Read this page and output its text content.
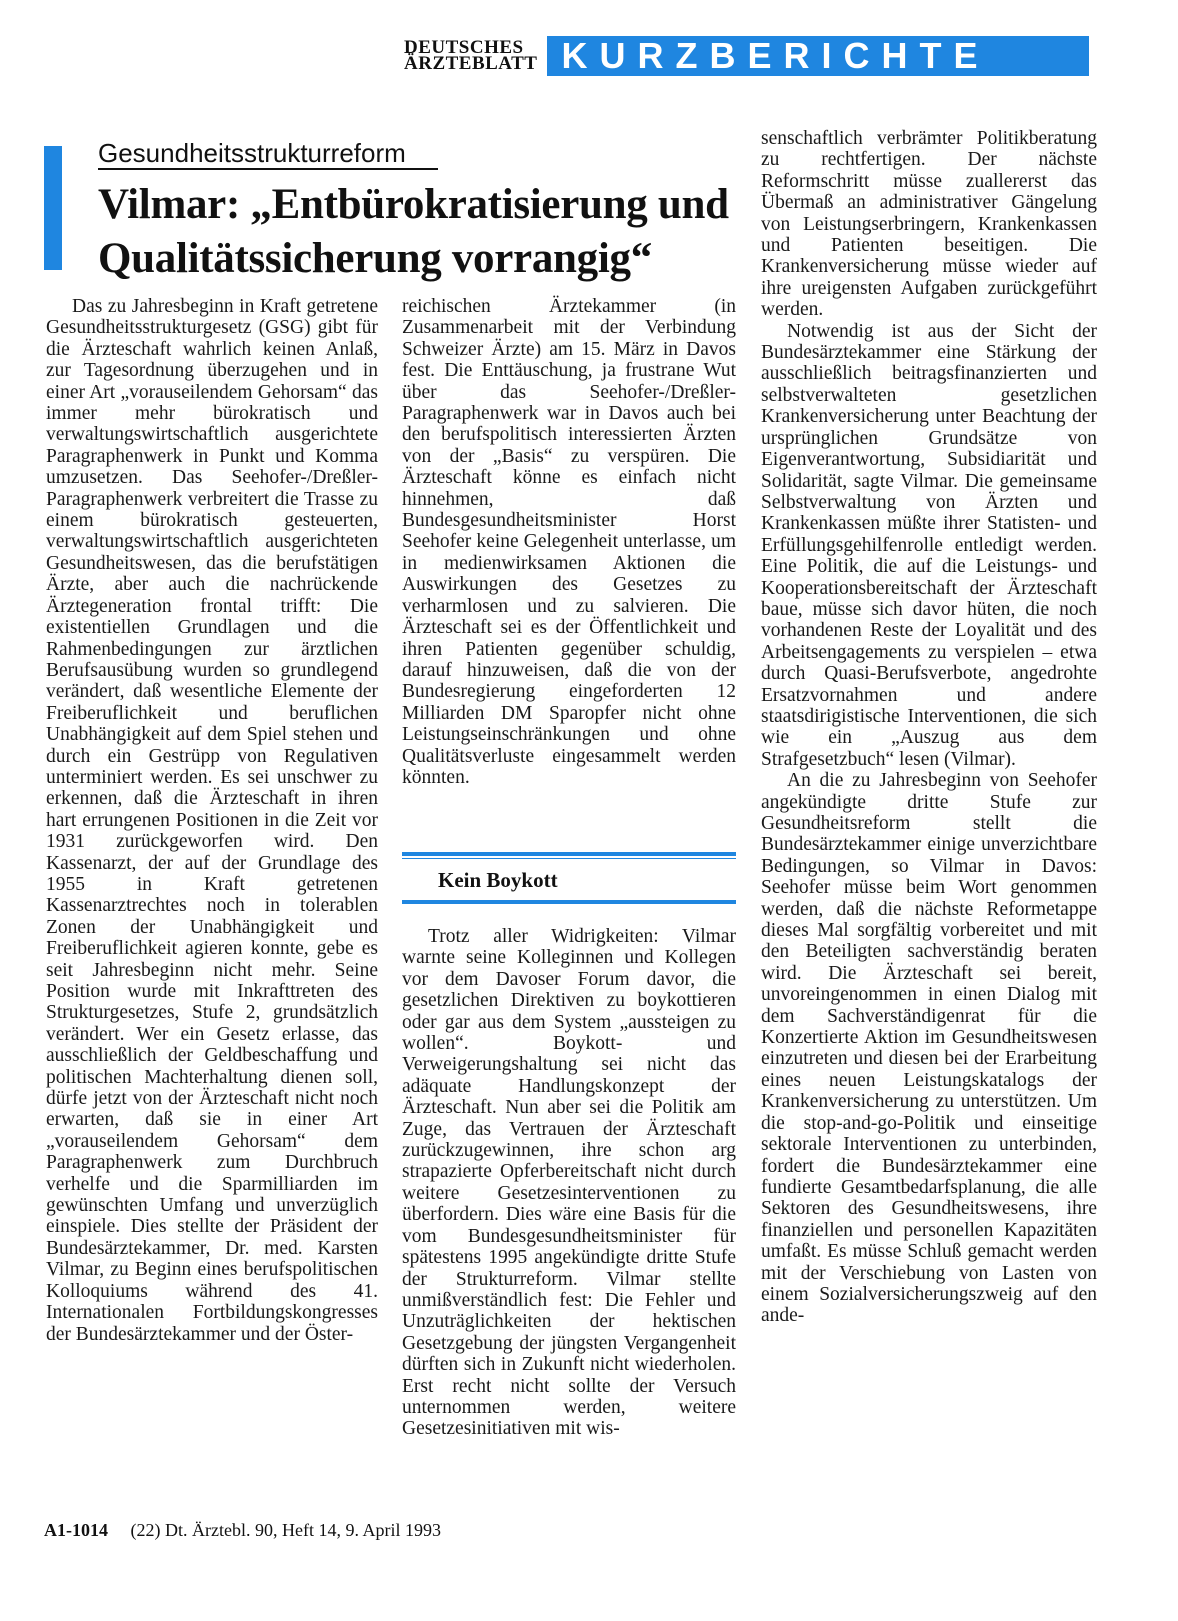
DEUTSCHES
ÄRZTEBLATT KURZBERICHTE
Gesundheitsstrukturreform
Vilmar: „Entbürokratisierung und Qualitätssicherung vorrangig“

Das zu Jahresbeginn in Kraft getretene Gesundheitsstrukturgesetz (GSG) gibt für die Ärzteschaft wahrlich keinen Anlaß, zur Tagesordnung überzugehen und in einer Art „vorauseilendem Gehorsam“ das immer mehr bürokratisch und verwaltungswirtschaftlich ausgerichtete Paragraphenwerk in Punkt und Komma umzusetzen. Das Seehofer-/Dreßler-Paragraphenwerk verbreitert die Trasse zu einem bürokratisch gesteuerten, verwaltungswirtschaftlich ausgerichteten Gesundheitswesen, das die berufstätigen Ärzte, aber auch die nachrückende Ärztegeneration frontal trifft: Die existentiellen Grundlagen und die Rahmenbedingungen zur ärztlichen Berufsausübung wurden so grundlegend verändert, daß wesentliche Elemente der Freiberuflichkeit und beruflichen Unabhängigkeit auf dem Spiel stehen und durch ein Gestrüpp von Regulativen unterminiert werden. Es sei unschwer zu erkennen, daß die Ärzteschaft in ihren hart errungenen Positionen in die Zeit vor 1931 zurückgeworfen wird. Den Kassenarzt, der auf der Grundlage des 1955 in Kraft getretenen Kassenarztrechtes noch in tolerablen Zonen der Unabhängigkeit und Freiberuflichkeit agieren konnte, gebe es seit Jahresbeginn nicht mehr. Seine Position wurde mit Inkrafttreten des Strukturgesetzes, Stufe 2, grundsätzlich verändert. Wer ein Gesetz erlasse, das ausschließlich der Geldbeschaffung und politischen Machterhaltung dienen soll, dürfe jetzt von der Ärzteschaft nicht noch erwarten, daß sie in einer Art „vorauseilendem Gehorsam“ dem Paragraphenwerk zum Durchbruch verhelfe und die Sparmilliarden im gewünschten Umfang und unverzüglich einspiele. Dies stellte der Präsident der Bundesärztekammer, Dr. med. Karsten Vilmar, zu Beginn eines berufspolitischen Kolloquiums während des 41. Internationalen Fortbildungskongresses der Bundesärztekammer und der Öster-

reichischen Ärztekammer (in Zusammenarbeit mit der Verbindung Schweizer Ärzte) am 15. März in Davos fest. Die Enttäuschung, ja frustrane Wut über das Seehofer-/Dreßler-Paragraphenwerk war in Davos auch bei den berufspolitisch interessierten Ärzten von der „Basis“ zu verspüren. Die Ärzteschaft könne es einfach nicht hinnehmen, daß Bundesgesundheitsminister Horst Seehofer keine Gelegenheit unterlasse, um in medienwirksamen Aktionen die Auswirkungen des Gesetzes zu verharmlosen und zu salvieren. Die Ärzteschaft sei es der Öffentlichkeit und ihren Patienten gegenüber schuldig, darauf hinzuweisen, daß die von der Bundesregierung eingeforderten 12 Milliarden DM Sparopfer nicht ohne Leistungseinschränkungen und ohne Qualitätsverluste eingesammelt werden könnten.

Kein Boykott

Trotz aller Widrigkeiten: Vilmar warnte seine Kolleginnen und Kollegen vor dem Davoser Forum davor, die gesetzlichen Direktiven zu boykottieren oder gar aus dem System „aussteigen zu wollen“. Boykott- und Verweigerungshaltung sei nicht das adäquate Handlungskonzept der Ärzteschaft. Nun aber sei die Politik am Zuge, das Vertrauen der Ärzteschaft zurückzugewinnen, ihre schon arg strapazierte Opferbereitschaft nicht durch weitere Gesetzesinterventionen zu überfordern. Dies wäre eine Basis für die vom Bundesgesundheitsminister für spätestens 1995 angekündigte dritte Stufe der Strukturreform. Vilmar stellte unmißverständlich fest: Die Fehler und Unzuträglichkeiten der hektischen Gesetzgebung der jüngsten Vergangenheit dürften sich in Zukunft nicht wiederholen. Erst recht nicht sollte der Versuch unternommen werden, weitere Gesetzesinitiativen mit wis-

senschaftlich verbrämter Politikberatung zu rechtfertigen. Der nächste Reformschritt müsse zuallererst das Übermaß an administrativer Gängelung von Leistungserbringern, Krankenkassen und Patienten beseitigen. Die Krankenversicherung müsse wieder auf ihre ureigensten Aufgaben zurückgeführt werden.

Notwendig ist aus der Sicht der Bundesärztekammer eine Stärkung der ausschließlich beitragsfinanzierten und selbstverwalteten gesetzlichen Krankenversicherung unter Beachtung der ursprünglichen Grundsätze von Eigenverantwortung, Subsidiarität und Solidarität, sagte Vilmar. Die gemeinsame Selbstverwaltung von Ärzten und Krankenkassen müßte ihrer Statisten- und Erfüllungsgehilfenrolle entledigt werden. Eine Politik, die auf die Leistungs- und Kooperationsbereitschaft der Ärzteschaft baue, müsse sich davor hüten, die noch vorhandenen Reste der Loyalität und des Arbeitsengagements zu verspielen – etwa durch Quasi-Berufsverbote, angedrohte Ersatzvornahmen und andere staatsdirigistische Interventionen, die sich wie ein „Auszug aus dem Strafgesetzbuch“ lesen (Vilmar).

An die zu Jahresbeginn von Seehofer angekündigte dritte Stufe zur Gesundheitsreform stellt die Bundesärztekammer einige unverzichtbare Bedingungen, so Vilmar in Davos: Seehofer müsse beim Wort genommen werden, daß die nächste Reformetappe dieses Mal sorgfältig vorbereitet und mit den Beteiligten sachverständig beraten wird. Die Ärzteschaft sei bereit, unvoreingenommen in einen Dialog mit dem Sachverständigenrat für die Konzertierte Aktion im Gesundheitswesen einzutreten und diesen bei der Erarbeitung eines neuen Leistungskatalogs der Krankenversicherung zu unterstützen. Um die stop-and-go-Politik und einseitige sektorale Interventionen zu unterbinden, fordert die Bundesärztekammer eine fundierte Gesamtbedarfsplanung, die alle Sektoren des Gesundheitswesens, ihre finanziellen und personellen Kapazitäten umfaßt. Es müsse Schluß gemacht werden mit der Verschiebung von Lasten von einem Sozialversicherungszweig auf den ande-

A1-1014 (22) Dt. Ärztebl. 90, Heft 14, 9. April 1993
